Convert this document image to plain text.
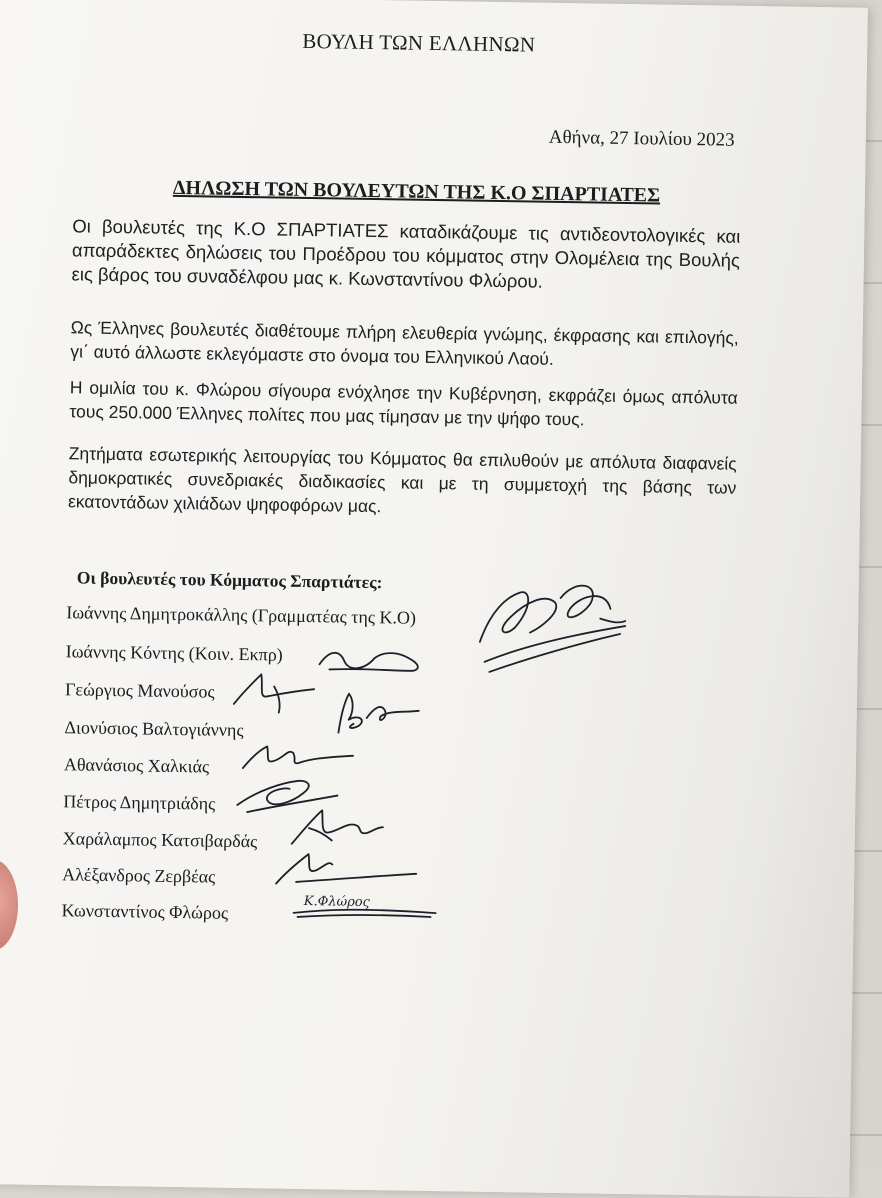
ΒΟΥΛΗ ΤΩΝ ΕΛΛΗΝΩΝ
Αθήνα, 27 Ιουλίου 2023
ΔΗΛΩΣΗ ΤΩΝ ΒΟΥΛΕΥΤΩΝ ΤΗΣ Κ.Ο ΣΠΑΡΤΙΑΤΕΣ
Οι βουλευτές της Κ.Ο ΣΠΑΡΤΙΑΤΕΣ καταδικάζουμε τις αντιδεοντολογικές και απαράδεκτες δηλώσεις του Προέδρου του κόμματος στην Ολομέλεια της Βουλής εις βάρος του συναδέλφου μας κ. Κωνσταντίνου Φλώρου.
Ως Έλληνες βουλευτές διαθέτουμε πλήρη ελευθερία γνώμης, έκφρασης και επιλογής, γι΄ αυτό άλλωστε εκλεγόμαστε στο όνομα του Ελληνικού Λαού.
Η ομιλία του κ. Φλώρου σίγουρα ενόχλησε την Κυβέρνηση, εκφράζει όμως απόλυτα τους 250.000 Έλληνες πολίτες που μας τίμησαν με την ψήφο τους.
Ζητήματα εσωτερικής λειτουργίας του Κόμματος θα επιλυθούν με απόλυτα διαφανείς δημοκρατικές συνεδριακές διαδικασίες και με τη συμμετοχή της βάσης των εκατοντάδων χιλιάδων ψηφοφόρων μας.
Οι βουλευτές του Κόμματος Σπαρτιάτες:
Ιωάννης Δημητροκάλλης (Γραμματέας της Κ.Ο)
Ιωάννης Κόντης (Κοιν. Εκπρ)
Γεώργιος Μανούσος
Διονύσιος Βαλτογιάννης
Αθανάσιος Χαλκιάς
Πέτρος Δημητριάδης
Χαράλαμπος Κατσιβαρδάς
Αλέξανδρος Ζερβέας
Κωνσταντίνος Φλώρος	Κ.Φλώρος
